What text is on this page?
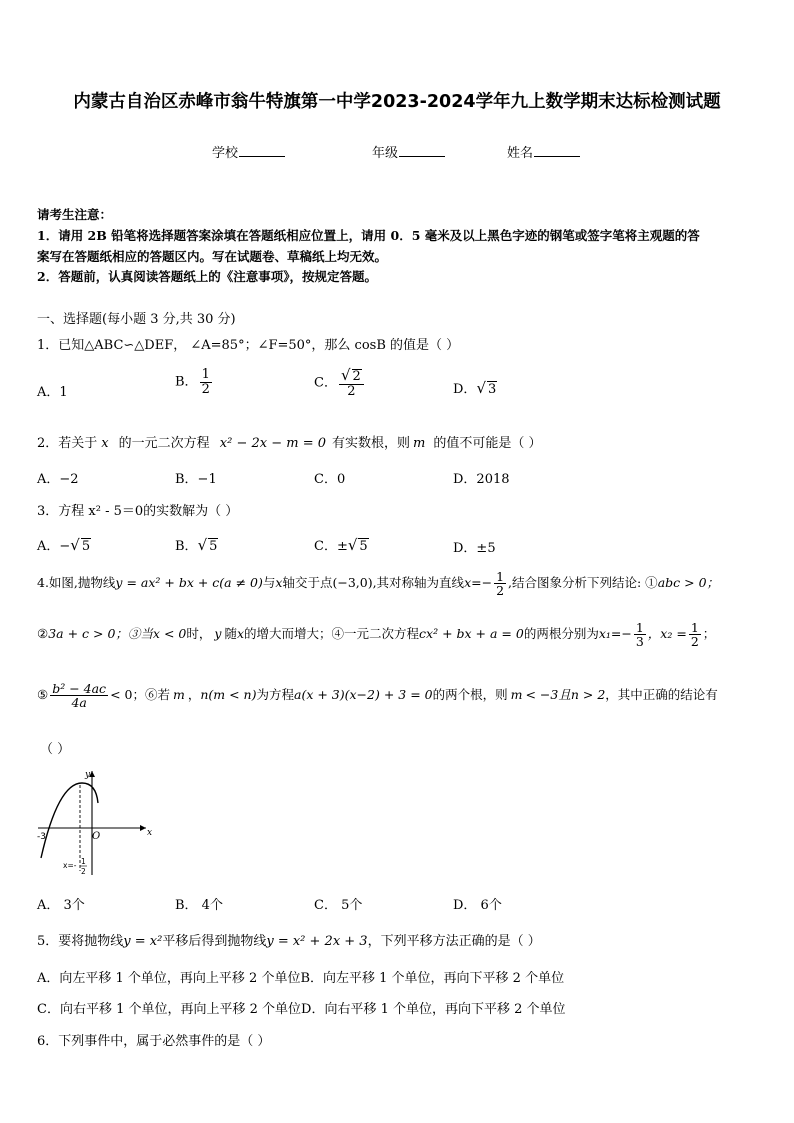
内蒙古自治区赤峰市翁牛特旗第一中学2023-2024学年九上数学期末达标检测试题
学校	年级	姓名
请考生注意：
1．请用 2B 铅笔将选择题答案涂填在答题纸相应位置上，请用 0．5 毫米及以上黑色字迹的钢笔或签字笔将主观题的答
案写在答题纸相应的答题区内。写在试题卷、草稿纸上均无效。
2．答题前，认真阅读答题纸上的《注意事项》，按规定答题。
一、选择题(每小题 3 分,共 30 分)
1．已知△ABC∽△DEF， ∠A=85°；∠F=50°，那么 cosB 的值是（ ）
A．1
B． $\frac{1}{2}$	C． $\frac{√ 2}{2}$	D．√ 3
2．若关于 x 的一元二次方程 x² − 2x − m = 0 有实数根，则 m 的值不可能是（ ）
A．−2	B．−1	C．0	D．2018
3．方程 x² - 5＝0的实数解为（ ）
A．−√ 5	B．√ 5	C．±√ 5	D．±5
4.如图,抛物线y = ax² + bx + c(a ≠ 0)与x轴交于点(−3,0),其对称轴为直线$x=- \frac{1}{2}$ ,结合图象分析下列结论: ①abc > 0；
②3a + c > 0；③当x < 0时， y 随x的增大而增大；④一元二次方程cx² + bx + a = 0的两根分别为$x_1=- \frac{1}{3}$ ，$x_2 = \frac{1}{2}$ ；
⑤ $\frac{\text{b² − 4ac}}{4a} < 0$；⑥若 m ，n(m < n)为方程a(x + 3)(x−2) + 3 = 0的两个根，则 m < −3且n > 2，其中正确的结论有
（ ）
y
x
O
-3
x=- 1
2
A． 3个	B． 4个	C． 5个	D． 6个
5．要将抛物线y = x²平移后得到抛物线y = x² + 2x + 3，下列平移方法正确的是（ ）
A．向左平移 1 个单位，再向上平移 2 个单位B．向左平移 1 个单位，再向下平移 2 个单位
C．向右平移 1 个单位，再向上平移 2 个单位D．向右平移 1 个单位，再向下平移 2 个单位
6．下列事件中，属于必然事件的是（ ）
